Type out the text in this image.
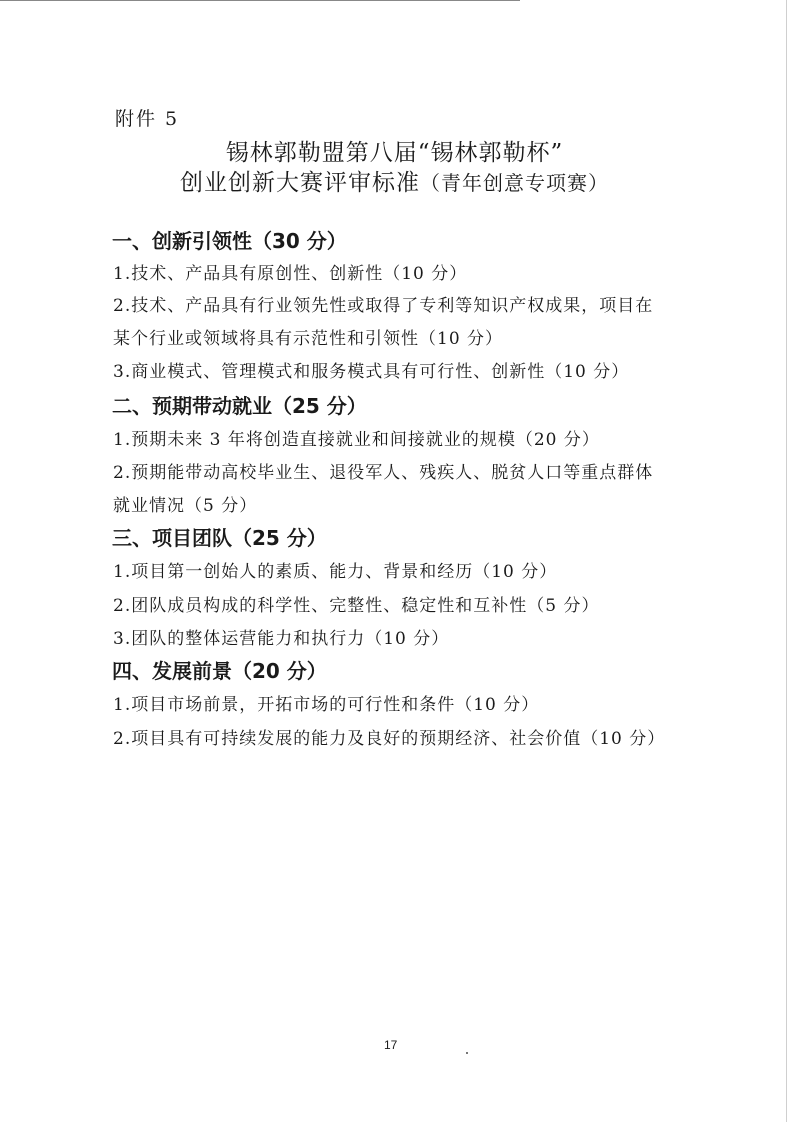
附件 5
锡林郭勒盟第八届“锡林郭勒杯”
创业创新大赛评审标准（青年创意专项赛）
一、创新引领性（30 分）
1.技术、产品具有原创性、创新性（10 分）
2.技术、产品具有行业领先性或取得了专利等知识产权成果，项目在
某个行业或领域将具有示范性和引领性（10 分）
3.商业模式、管理模式和服务模式具有可行性、创新性（10 分）
二、预期带动就业（25 分）
1.预期未来 3 年将创造直接就业和间接就业的规模（20 分）
2.预期能带动高校毕业生、退役军人、残疾人、脱贫人口等重点群体
就业情况（5 分）
三、项目团队（25 分）
1.项目第一创始人的素质、能力、背景和经历（10 分）
2.团队成员构成的科学性、完整性、稳定性和互补性（5 分）
3.团队的整体运营能力和执行力（10 分）
四、发展前景（20 分）
1.项目市场前景，开拓市场的可行性和条件（10 分）
2.项目具有可持续发展的能力及良好的预期经济、社会价值（10 分）
17
